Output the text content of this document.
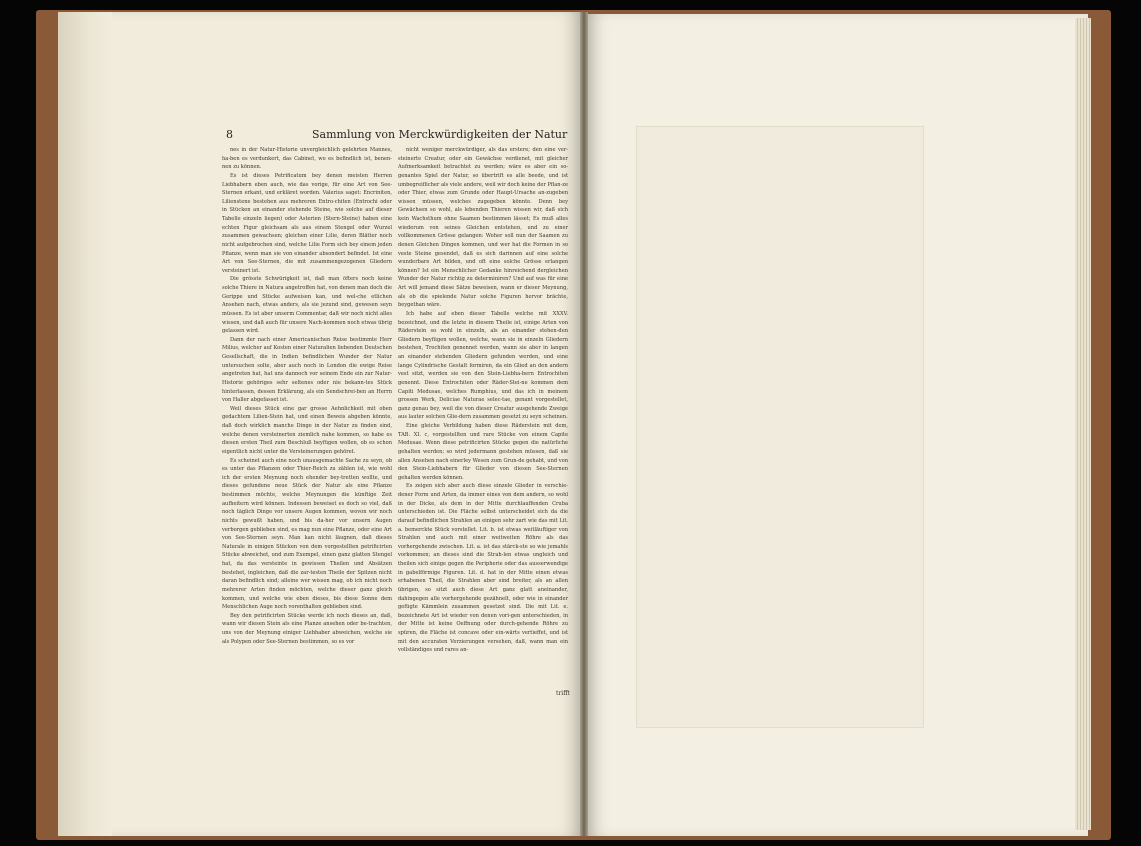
8	Sammlung von Merckwürdigkeiten der Natur

nes in der Natur-Historie unvergleichlich gelehrten Mannes, ha-ben es verdunkert, das Cabinet, wo es befindlich ist, benen-nen zu können.

Es ist dieses Petrificatum bey denen meisten Herren Liebhabern eben auch, wie das vorige, für eine Art von See-Sternen erkant, und erkläret worden. Valerius saget: Encriniten, Lilienstene bestehen aus mehreren Entro-chiten (Entrochi oder in Stücken an einander stehende Steine, wie solche auf dieser Tabelle einzeln liegen) oder Asterien (Stern-Steine) haben eine echten Figur gleichsam als aus einem Stengel oder Wurzel zusammen gewachsen; gleichen einer Lilie, deren Blätter noch nicht aufgebrochen sind, welche Lilie Form sich bey einem jeden Pflanze, wenn man sie von einander absondert befindet. Ist eine Art von See-Sternen, die mit zusammengezogenen Gliedern versteinert ist.

Die grösste Schwürigkeit ist, daß man öfters noch keine solche Thiere in Natura angetroffen hat, von denen man doch die Gerippe und Stücke aufweisen kan, und wel-che etlichen Ansehen nach, etwas anders, als sie jezund sind, gewesen seyn müssen. Es ist aber unserm Commentar, daß wir noch nicht alles wissen, und daß auch für unsere Nach-kommen noch etwas übrig gelassen wird.

Dann der nach einer Americanischen Reise bestimmte Herr Milius, welcher auf Kosten einer Naturalien liebenden Deutschen Gesellschaft, die in Indien befindlichen Wunder der Natur untersuchen solte, aber auch noch in London die ewige Reise angetreten hat, hat uns dannoch vor seinem Ende ein zur Natur-Historie gehöriges sehr seltenes oder nie bekann-tes Stück hinterlassen, dessen Erklärung, als ein Sendschrei-ben an Herrn von Haller abgefasset ist.

Weil dieses Stück eine gar grosse Aehnlichkeit mit oben gedachtem Lilien-Stein hat, und einen Beweis abgeben könnte, daß doch wirklich manche Dinge in der Natur zu finden sind, welche denen versteinerten ziemlich nahe kommen, so habe es diesen ersten Theil zum Beschluß beyfügen wollen, ob es schon eigentlich nicht unter die Versteinerungen gehöret.

Es scheinet auch eine noch unausgemachte Sache zu seyn, ob es unter das Pflanzen oder Thier-Reich zu zählen ist, wie wohl ich der ersten Meynung noch ehender bey-tretten wollte, und dieses gefundene neue Stück der Natur als eine Pflanze bestimmen möchte, welche Meynungen die künftige Zeit aufheitern wird können. Indessen beweiset es doch so viel, daß noch täglich Dinge vor unsere Augen kommen, wovon wir noch nichts gewußt haben, und bis da-her vor unsern Augen verborgen geblieben sind, es mag nun eine Pflanze, oder eine Art von See-Sternen seyn. Man kan nicht läugnen, daß dieses Naturale in einigen Stücken von dem vorgestellten petrificirten Stücke abweichet, und zum Exempel, einen ganz glatten Stengel hat, da das versteinte in gewissen Theilen und Absätzen bestehet, ingleichen, daß die zar-testen Theile der Spitzen nicht daran befindlich sind; alleine wer wissen mag, ob ich nicht noch mehrerer Arten finden möchten, welche dieser ganz gleich kommen, und welche wie eben dieses, bis diese Sonne dem Menschlichen Auge noch vorenthalten geblieben sind.

Bey den petrificirten Stücke werde ich noch dieses an, daß, wann wir diesen Stein als eine Planze ansehen oder be-trachten, uns von der Meynung einiger Liebhaber abweichen, welche sie als Polypen oder See-Sternen bestimmen, so es vor

nicht weniger merckwürdiger, als das erstere; den eine ver-steinerte Creatur, oder ein Gewächse verdienet, mit gleicher Aufmerksamkeit betrachtet zu werden; wäre es aber ein so-genantes Spiel der Natur, so übertrift es alle beede, und ist umbegreiflicher als viele andere, weil wir doch keine der Pflan-ze oder Thier, etwas zum Grunde oder Haupt-Ursache an-zugeben wissen müssen, welches zugegeben könnte. Denn bey Gewächsen so wohl, als lebenden Thieren wissen wir, daß sich kein Wachsthum ohne Saamen bestimmen lässet; Es muß alles wiederum von seines Gleichen entstehen, und zu einer vollkommenen Grösse gelangen: Woher soll nun der Saamen zu denen Gleichen Dingen kommen, und wer hat die Formen in so veste Steine gesendet, daß es sich darinnen auf eine solche wunderbare Art bilden, und oft eine solche Grösse erlangen können? Ist ein Menschlicher Gedanke hinreichend dergleichen Wunder der Natur richtig zu determiniren? Und auf was für eine Art will jemand diese Sätze beweisen, wann er dieser Meynung, als ob die spielende Natur solche Figuren hervor brächte, beygethan wäre.

Ich habe auf eben dieser Tabelle welche mit XXXV. bezeichnet, und die letzte in diesem Theile ist, einige Arten von Räderstein so wohl in einzeln, als an einander stehen-den Gliedern beyfügen wollen, welche, wann sie in einzeln Gliedern bestehen, Trochiten genennet werden, wann sie aber in langen an einander stehenden Gliedern gefunden werden, und eine lange Cylindrische Gestalt formiren, da ein Glied an den andern vest sitzt, werden sie von den Stein-Liebha-bern Entrochiten genennt. Diese Entrochiten oder Räder-Stei-ne kommen dem Capiti Medusae, welches Rumphius, und das ich in meinem grossen Werk, Deliciae Naturae selec-tae, genant vorgestellet, ganz genau bey, weil die von dieser Creatur ausgehende Zweige aus lauter solchen Glie-dern zusammen gesetzt zu seyn scheinen.

Eine gleiche Verbildung haben diese Räderstein mit dem, TAB. XI. c, vorgestellten und rare Stücke von einem Capite Medusae. Wenn diese petrificirten Stücke gegen die natürliche gehalten werden; so wird jedermann gestehen müssen, daß sie allen Ansehen nach einerley Wesen zum Grun-de gehabt, und von den Stein-Liebhabern für Glieder von diesen See-Sternen gehalten werden können.

Es zeigen sich aber auch diese einzele Glieder in verschie-dener Form und Arten, da immer eines von dem andern, so wohl in der Dicke, als dem in der Mitte durchlauffenden Cruba unterschieden ist. Die Fläche selbst unterscheidet sich da die darauf befindlichen Strahlen an einigen sehr zart wie das mit Lit. a. bemerckte Stück vorstellet. Lit. b. ist etwas weitläuftiger von Strahlen und auch mit einer weitweiten Röhre als das vorhergehende zwischen. Lit. a. ist das stärck-ste so wie jemahls vorkommen; an dieses sind die Strah-len etwas ungleich und theilen sich einige gegen die Peripherie oder das ausserwendige in gabelförmige Figuren. Lit. d. hat in der Mitte einen etwas erhabenen Theil, die Strahlen aber sind breiter, als an allen übrigen, so sitzt auch diese Art ganz glatt aneinander, dahingegen alle vorhergehende gezähnelt, oder wie in einander gefügte Kämmlein zusammen gesetzet sind. Die mit Lit. e. bezeichnete Art ist wieder von denen vori-gen unterschieden, in der Mitte ist keine Oeffnung oder durch-gehende Röhre zu spüren, die Fläche ist concave oder ein-wärts vertieffet, und ist mit den accuraten Verzierungen versehen, daß, wann man ein vollständiges und rares an-

trifft
